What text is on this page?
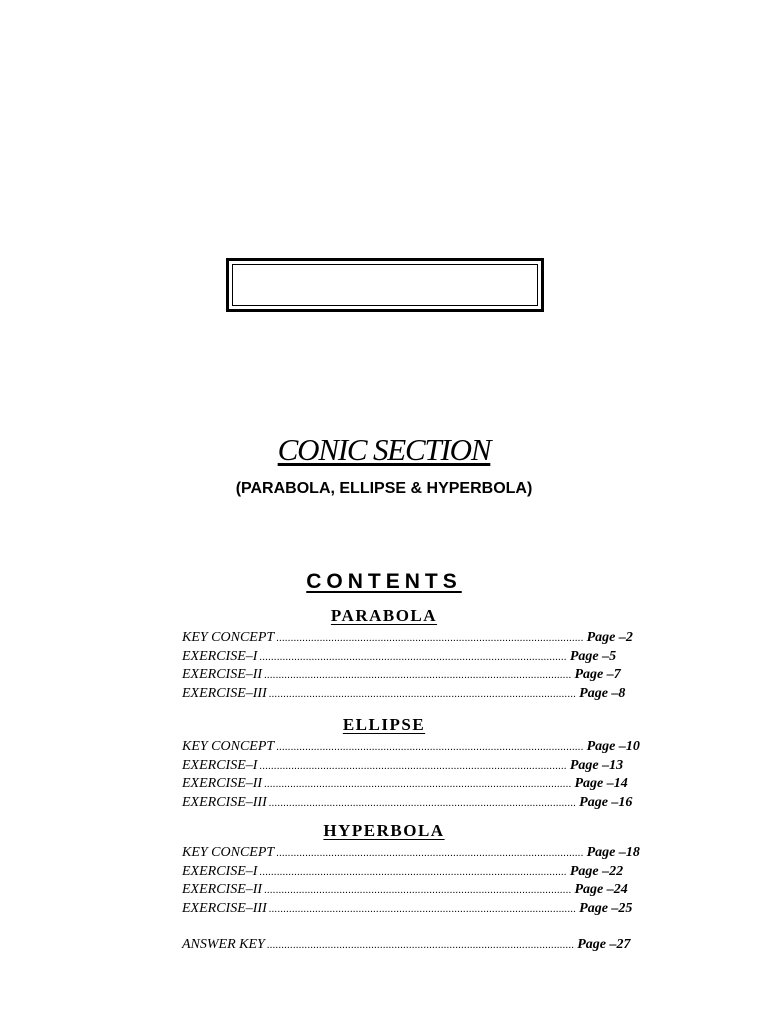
CONIC SECTION
(PARABOLA, ELLIPSE & HYPERBOLA)
CONTENTS
PARABOLA
KEY CONCEPT .......................................................................................................... Page –2
EXERCISE–I .......................................................................................................... Page –5
EXERCISE–II .......................................................................................................... Page –7
EXERCISE–III .......................................................................................................... Page –8
ELLIPSE
KEY CONCEPT .......................................................................................................... Page –10
EXERCISE–I .......................................................................................................... Page –13
EXERCISE–II .......................................................................................................... Page –14
EXERCISE–III .......................................................................................................... Page –16
HYPERBOLA
KEY CONCEPT .......................................................................................................... Page –18
EXERCISE–I .......................................................................................................... Page –22
EXERCISE–II .......................................................................................................... Page –24
EXERCISE–III .......................................................................................................... Page –25
ANSWER KEY .......................................................................................................... Page –27
